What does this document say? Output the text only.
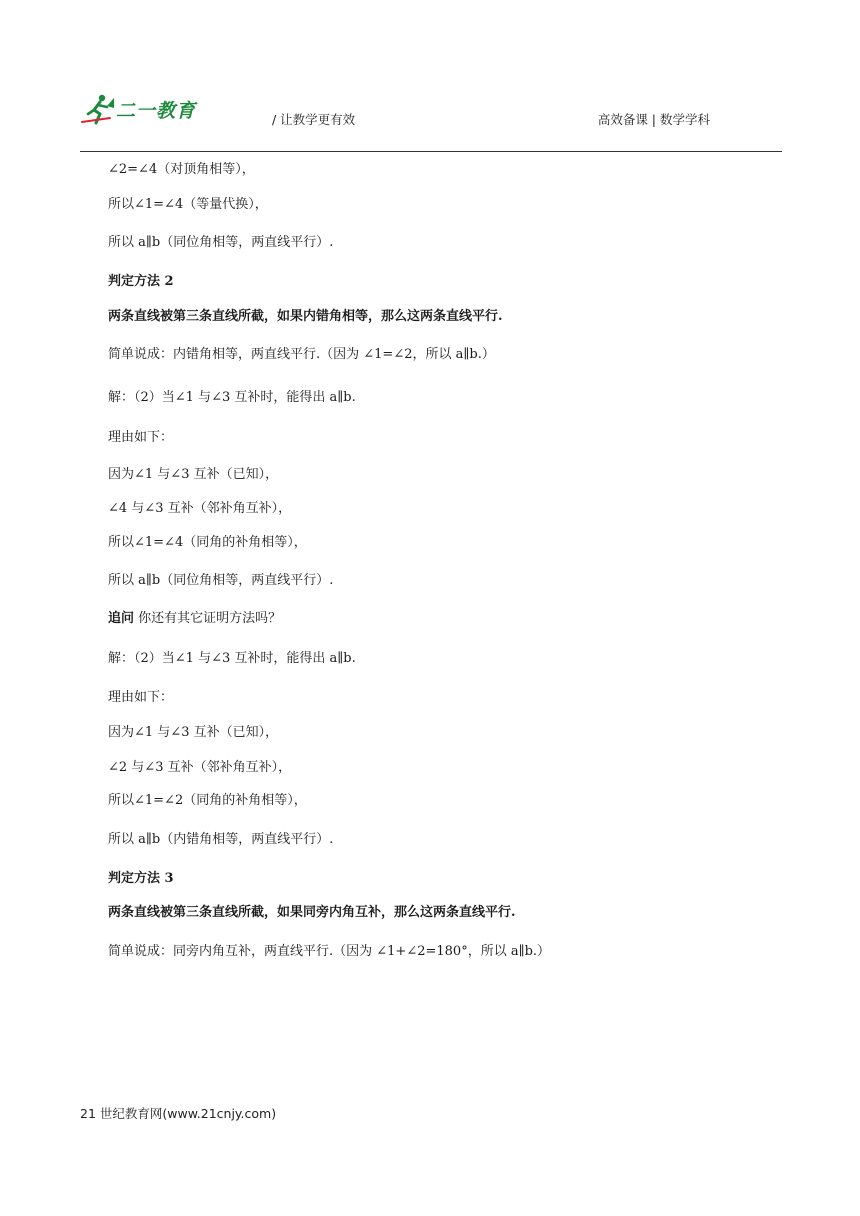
二一教育	/ 让教学更有效	高效备课 | 数学学科
∠2=∠4（对顶角相等），
所以∠1=∠4（等量代换），
所以 a∥b（同位角相等，两直线平行）.
判定方法 2
两条直线被第三条直线所截，如果内错角相等，那么这两条直线平行.
简单说成：内错角相等，两直线平行.（因为 ∠1=∠2，所以 a∥b.）
解：（2）当∠1 与∠3 互补时，能得出 a∥b.
理由如下：
因为∠1 与∠3 互补（已知），
∠4 与∠3 互补（邻补角互补），
所以∠1=∠4（同角的补角相等），
所以 a∥b（同位角相等，两直线平行）.
追问 你还有其它证明方法吗？
解：（2）当∠1 与∠3 互补时，能得出 a∥b.
理由如下：
因为∠1 与∠3 互补（已知），
∠2 与∠3 互补（邻补角互补），
所以∠1=∠2（同角的补角相等），
所以 a∥b（内错角相等，两直线平行）.
判定方法 3
两条直线被第三条直线所截，如果同旁内角互补，那么这两条直线平行.
简单说成：同旁内角互补，两直线平行.（因为 ∠1+∠2=180°，所以 a∥b.）
21 世纪教育网(www.21cnjy.com)
